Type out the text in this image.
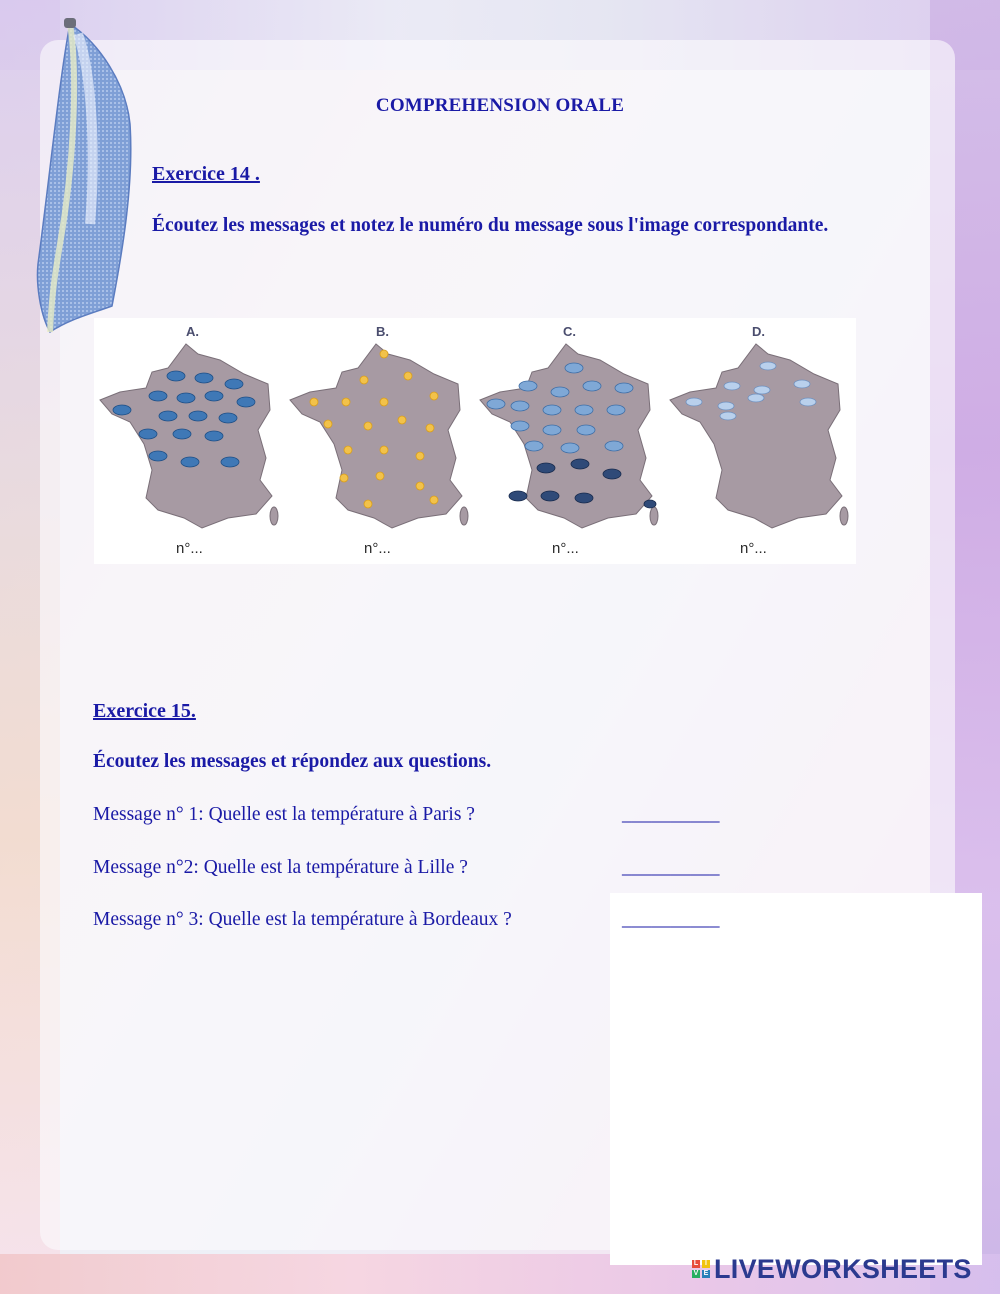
COMPREHENSION ORALE
Exercice 14 .
Écoutez les messages et notez le numéro du message sous l'image correspondante.
A.	B.	C.	D.
n°...	n°...	n°...	n°...
Exercice 15.
Écoutez les messages et répondez aux questions.
Message n° 1: Quelle est la température à Paris ?	__________
Message n°2: Quelle est la température à Lille ?	__________
Message n° 3: Quelle est la température à Bordeaux ?	__________
L I
V E LIVEWORKSHEETS
